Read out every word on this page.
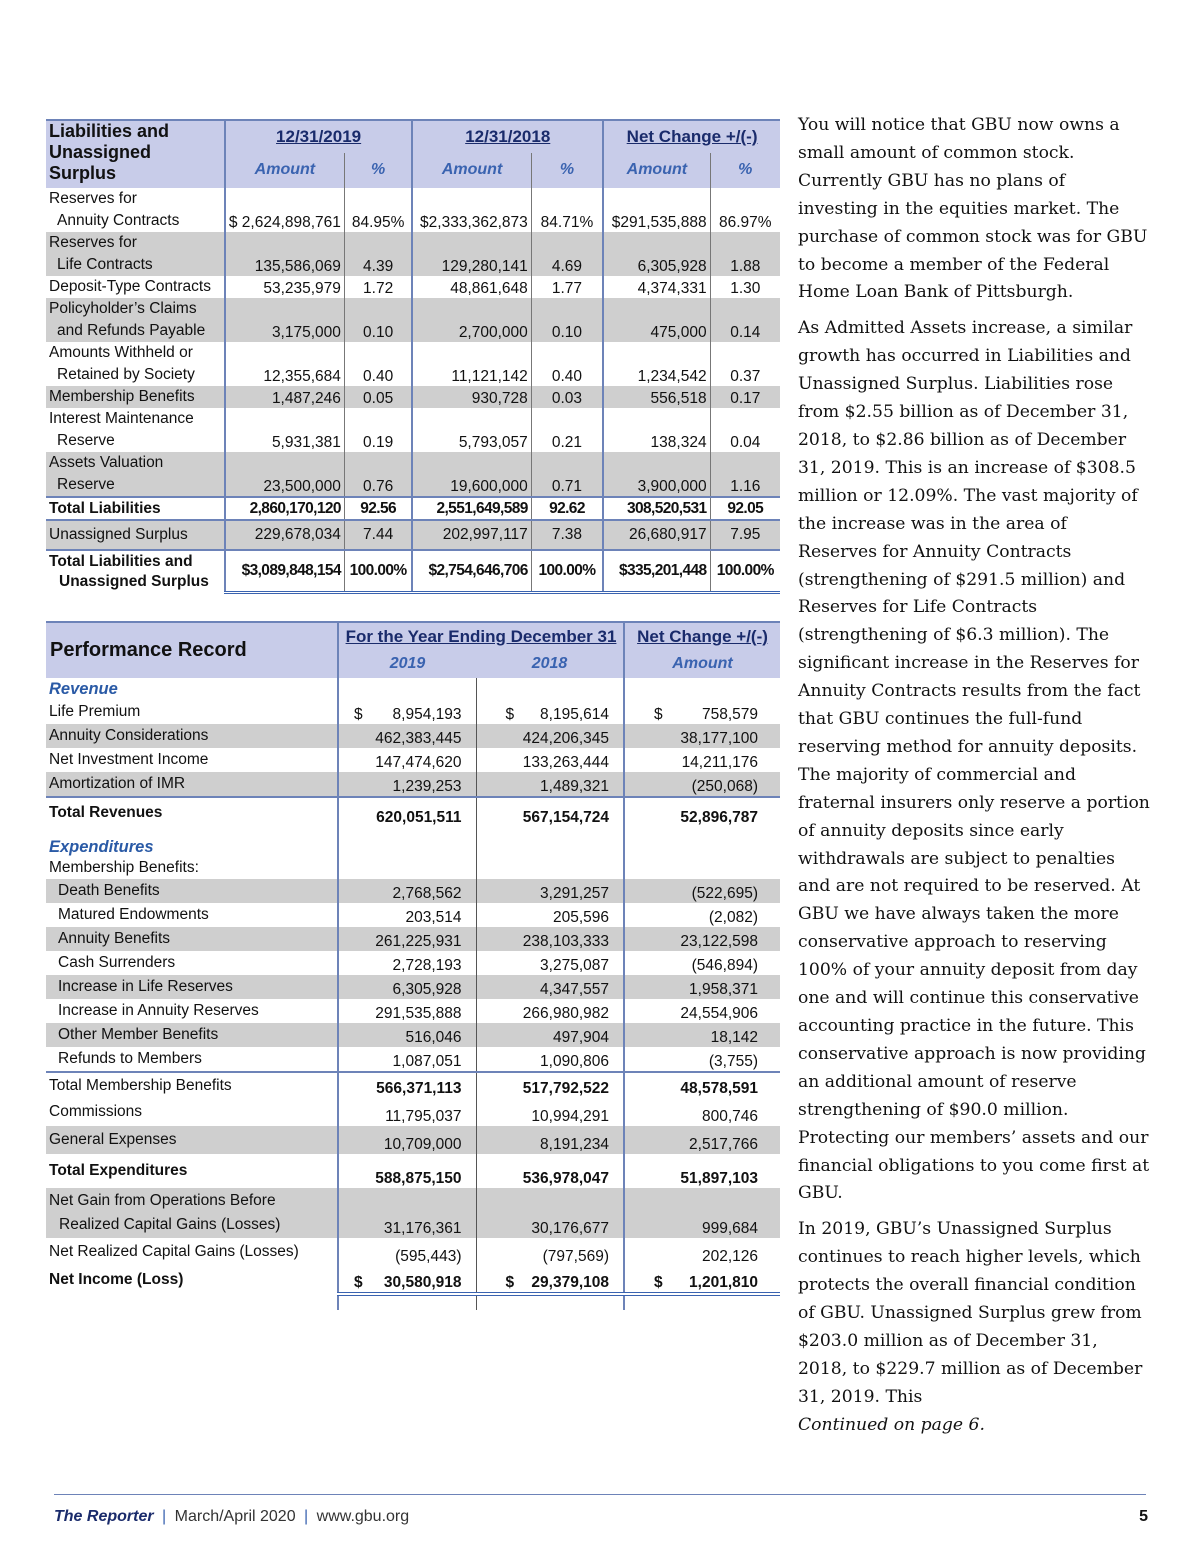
Liabilities and
Unassigned Surplus	12/31/2019		12/31/2018		Net Change +/(-)	
	Amount	%	Amount	%	Amount	%

Reserves for
Annuity Contracts	$ 2,624,898,761	84.95%	$2,333,362,873	84.71%	$291,535,888	86.97%

Reserves for
Life Contracts	135,586,069	4.39	129,280,141	4.69	6,305,928	1.88

Deposit-Type Contracts	53,235,979	1.72	48,861,648	1.77	4,374,331	1.30

Policyholder’s Claims
and Refunds Payable	3,175,000	0.10	2,700,000	0.10	475,000	0.14

Amounts Withheld or
Retained by Society	12,355,684	0.40	11,121,142	0.40	1,234,542	0.37

Membership Benefits	1,487,246	0.05	930,728	0.03	556,518	0.17

Interest Maintenance
Reserve	5,931,381	0.19	5,793,057	0.21	138,324	0.04

Assets Valuation
Reserve	23,500,000	0.76	19,600,000	0.71	3,900,000	1.16
Total Liabilities	2,860,170,120	92.56	2,551,649,589	92.62	308,520,531	92.05
Unassigned Surplus	229,678,034	7.44	202,997,117	7.38	26,680,917	7.95

Total Liabilities and
Unassigned Surplus	$3,089,848,154	100.00%	$2,754,646,706	100.00%	$335,201,448	100.00%
Performance Record	For the Year Ending December 31		Net Change +/(-)
	2019	2018	Amount
Revenue			
Life Premium	$ 8,954,193	$ 8,195,614	$ 758,579

Annuity Considerations	462,383,445	424,206,345	38,177,100
Net Investment Income	147,474,620	133,263,444	14,211,176
Amortization of IMR	1,239,253	1,489,321	(250,068)
Total Revenues	620,051,511	567,154,724	52,896,787
Expenditures			
Membership Benefits:			
Death Benefits	2,768,562	3,291,257	(522,695)
Matured Endowments	203,514	205,596	(2,082)
Annuity Benefits	261,225,931	238,103,333	23,122,598
Cash Surrenders	2,728,193	3,275,087	(546,894)
Increase in Life Reserves	6,305,928	4,347,557	1,958,371
Increase in Annuity Reserves	291,535,888	266,980,982	24,554,906
Other Member Benefits	516,046	497,904	18,142
Refunds to Members	1,087,051	1,090,806	(3,755)
Total Membership Benefits	566,371,113	517,792,522	48,578,591
Commissions	11,795,037	10,994,291	800,746
General Expenses	10,709,000	8,191,234	2,517,766
Total Expenditures	588,875,150	536,978,047	51,897,103

Net Gain from Operations Before
Realized Capital Gains (Losses)	31,176,361	30,176,677	999,684
Net Realized Capital Gains (Losses)	(595,443)	(797,569)	202,126
Net Income (Loss)	$ 30,580,918	$ 29,379,108	$ 1,201,810

You will notice that GBU now owns a small amount of common stock. Currently GBU has no plans of investing in the equities market. The purchase of common stock was for GBU to become a member of the Federal Home Loan Bank of Pittsburgh.

As Admitted Assets increase, a similar growth has occurred in Liabilities and Unassigned Surplus. Liabilities rose from $2.55 billion as of December 31, 2018, to $2.86 billion as of December 31, 2019. This is an increase of $308.5 million or 12.09%. The vast majority of the increase was in the area of Reserves for Annuity Contracts (strengthening of $291.5 million) and Reserves for Life Contracts (strengthening of $6.3 million). The significant increase in the Reserves for Annuity Contracts results from the fact that GBU continues the full-fund reserving method for annuity deposits. The majority of commercial and fraternal insurers only reserve a portion of annuity deposits since early withdrawals are subject to penalties and are not required to be reserved. At GBU we have always taken the more conservative approach to reserving 100% of your annuity deposit from day one and will continue this conservative accounting practice in the future. This conservative approach is now providing an additional amount of reserve strengthening of $90.0 million. Protecting our members’ assets and our financial obligations to you come first at GBU.

In 2019, GBU’s Unassigned Surplus continues to reach higher levels, which protects the overall financial condition of GBU. Unassigned Surplus grew from $203.0 million as of December 31, 2018, to $229.7 million as of December 31, 2019. This

Continued on page 6.
The Reporter | March/April 2020 | www.gbu.org	5
